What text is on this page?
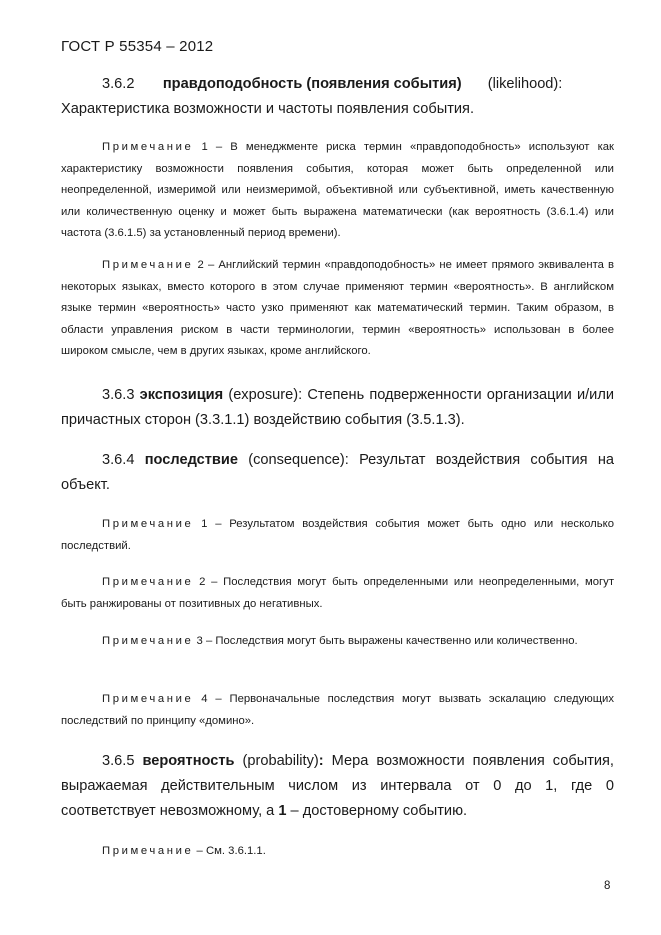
ГОСТ Р 55354 – 2012
3.6.2 правдоподобность (появления события) (likelihood):
Характеристика возможности и частоты появления события.
Примечание 1 – В менеджменте риска термин «правдоподобность» используют как характеристику возможности появления события, которая может быть определенной или неопределенной, измеримой или неизмеримой, объективной или субъективной, иметь качественную или количественную оценку и может быть выражена математически (как вероятность (3.6.1.4) или частота (3.6.1.5) за установленный период времени).
Примечание 2 – Английский термин «правдоподобность» не имеет прямого эквивалента в некоторых языках, вместо которого в этом случае применяют термин «вероятность». В английском языке термин «вероятность» часто узко применяют как математический термин. Таким образом, в области управления риском в части терминологии, термин «вероятность» использован в более широком смысле, чем в других языках, кроме английского.
3.6.3 экспозиция (exposure): Степень подверженности организации и/или причастных сторон (3.3.1.1) воздействию события (3.5.1.3).
3.6.4 последствие (consequence): Результат воздействия события на объект.
Примечание 1 – Результатом воздействия события может быть одно или несколько последствий.
Примечание 2 – Последствия могут быть определенными или неопределенными, могут быть ранжированы от позитивных до негативных.
Примечание 3 – Последствия могут быть выражены качественно или количественно.
Примечание 4 – Первоначальные последствия могут вызвать эскалацию следующих последствий по принципу «домино».
3.6.5 вероятность (probability): Мера возможности появления события, выражаемая действительным числом из интервала от 0 до 1, где 0 соответствует невозможному, а 1 – достоверному событию.
Примечание – См. 3.6.1.1.
8
